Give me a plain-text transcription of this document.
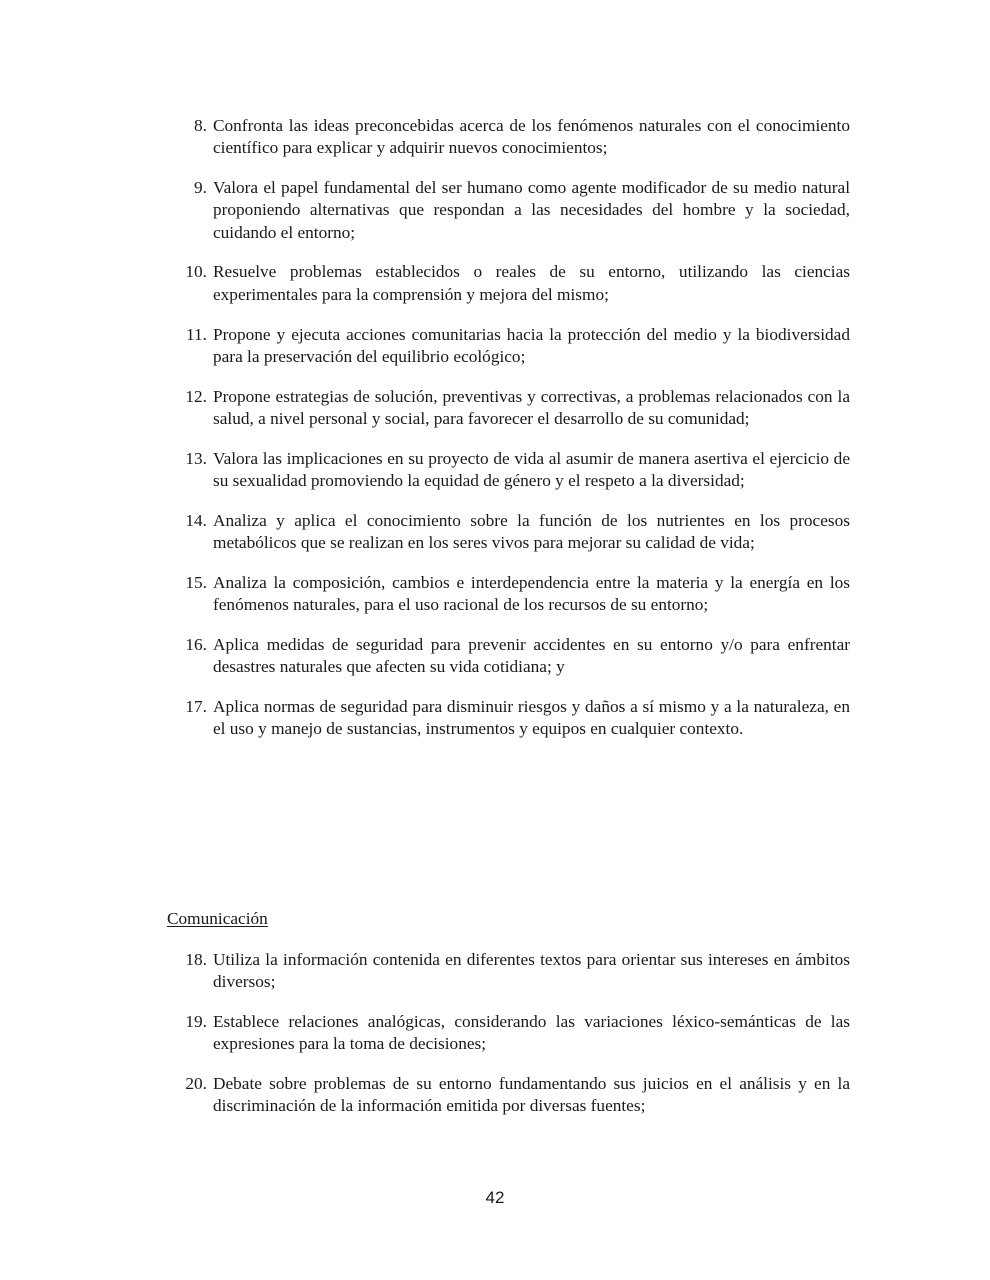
8. Confronta las ideas preconcebidas acerca de los fenómenos naturales con el conocimiento científico para explicar y adquirir nuevos conocimientos;
9. Valora el papel fundamental del ser humano como agente modificador de su medio natural proponiendo alternativas que respondan a las necesidades del hombre y la sociedad, cuidando el entorno;
10. Resuelve problemas establecidos o reales de su entorno, utilizando las ciencias experimentales para la comprensión y mejora del mismo;
11. Propone y ejecuta acciones comunitarias hacia la protección del medio y la biodiversidad para la preservación del equilibrio ecológico;
12. Propone estrategias de solución, preventivas y correctivas, a problemas relacionados con la salud, a nivel personal y social, para favorecer el desarrollo de su comunidad;
13. Valora las implicaciones en su proyecto de vida al asumir de manera asertiva el ejercicio de su sexualidad promoviendo la equidad de género y el respeto a la diversidad;
14. Analiza y aplica el conocimiento sobre la función de los nutrientes en los procesos metabólicos que se realizan en los seres vivos para mejorar su calidad de vida;
15. Analiza la composición, cambios e interdependencia entre la materia y la energía en los fenómenos naturales, para el uso racional de los recursos de su entorno;
16. Aplica medidas de seguridad para prevenir accidentes en su entorno y/o para enfrentar desastres naturales que afecten su vida cotidiana; y
17. Aplica normas de seguridad para disminuir riesgos y daños a sí mismo y a la naturaleza, en el uso y manejo de sustancias, instrumentos y equipos en cualquier contexto.
Comunicación
18. Utiliza la información contenida en diferentes textos para orientar sus intereses en ámbitos diversos;
19. Establece relaciones analógicas, considerando las variaciones léxico-semánticas de las expresiones para la toma de decisiones;
20. Debate sobre problemas de su entorno fundamentando sus juicios en el análisis y en la discriminación de la información emitida por diversas fuentes;
42
